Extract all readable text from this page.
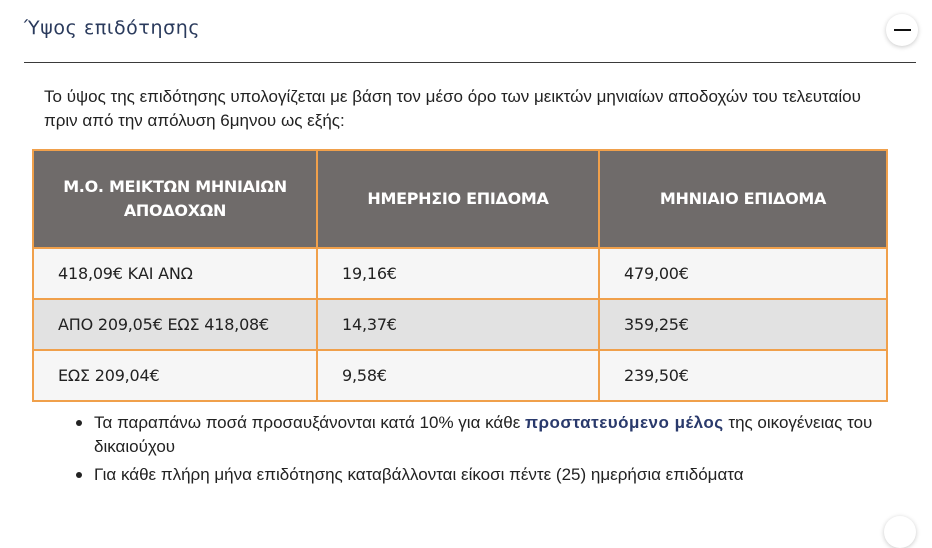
Ύψος επιδότησης

Το ύψος της επιδότησης υπολογίζεται με βάση τον μέσο όρο των μεικτών μηνιαίων αποδοχών του τελευταίου πριν από την απόλυση 6μηνου ως εξής:

Μ.Ο. ΜΕΙΚΤΩΝ ΜΗΝΙΑΙΩΝ ΑΠΟΔΟΧΩΝ	ΗΜΕΡΗΣΙΟ ΕΠΙΔΟΜΑ	ΜΗΝΙΑΙΟ ΕΠΙΔΟΜΑ
418,09€ ΚΑΙ ΑΝΩ	19,16€	479,00€
ΑΠΟ 209,05€ ΕΩΣ 418,08€	14,37€	359,25€
ΕΩΣ 209,04€	9,58€	239,50€
Τα παραπάνω ποσά προσαυξάνονται κατά 10% για κάθε προστατευόμενο μέλος της οικογένειας του δικαιούχου
Για κάθε πλήρη μήνα επιδότησης καταβάλλονται είκοσι πέντε (25) ημερήσια επιδόματα
